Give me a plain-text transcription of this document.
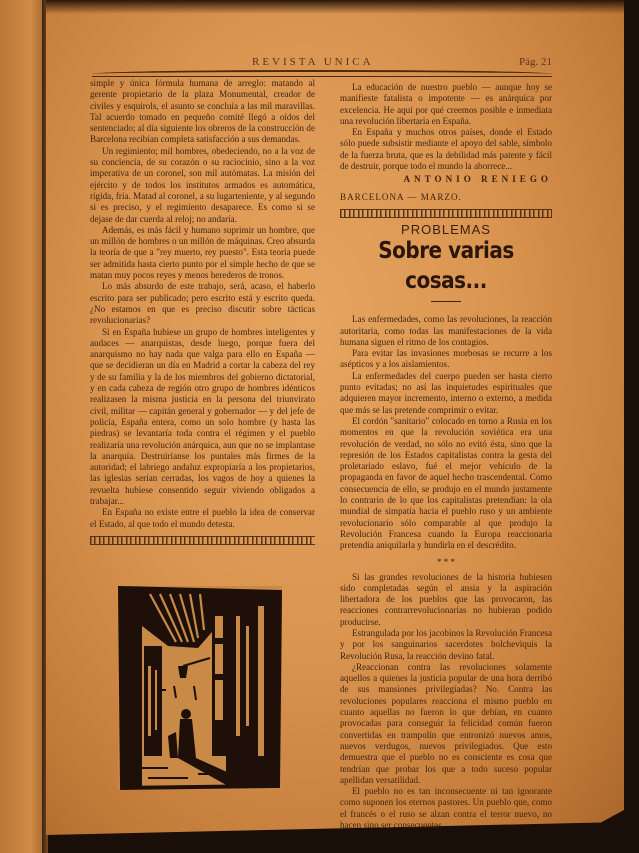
REVISTA UNICA	Pág. 21

simple y única fórmula humana de arreglo: matando al gerente propietario de la plaza Monumental, creador de civiles y esquirols, el asunto se concluía a las mil maravillas. Tal acuerdo tomado en pequeño comité llegó a oídos del sentenciado; al día siguiente los obreros de la construcción de Barcelona recibían completa satisfacción a sus demandas.

Un regimiento; mil hombres, obedeciendo, no a la voz de su conciencia, de su corazón o su raciocinio, sino a la voz imperativa de un coronel, son mil autómatas. La misión del ejército y de todos los institutos armados es automática, rígida, fría. Matad al coronel, a su lugarteniente, y al segundo si es preciso, y el regimiento desaparece. Es como si se dejase de dar cuerda al reloj; no andaría.

Además, es más fácil y humano suprimir un hombre, que un millón de hombres o un millón de máquinas. Creo absurda la teoría de que a "rey muerto, rey puesto". Esta teoría puede ser admitida hasta cierto punto por el simple hecho de que se matan muy pocos reyes y menos herederos de tronos.

Lo más absurdo de este trabajo, será, acaso, el haberlo escrito para ser publicado; pero escrito está y escrito queda. ¿No estamos en que es preciso discutir sobre tácticas revolucionarias?

Si en España hubiese un grupo de hombres inteligentes y audaces — anarquistas, desde luego, porque fuera del anarquismo no hay nada que valga para ello en España — que se decidieran un día en Madrid a cortar la cabeza del rey y de su familia y la de los miembros del gobierno dictatorial, y en cada cabeza de región otro grupo de hombres idénticos realizasen la misma justicia en la persona del triunvirato civil, militar — capitán general y gobernador — y del jefe de policía, España entera, como un solo hombre (y hasta las piedras) se levantaría toda contra el régimen y el pueblo realizaría una revolución anárquica, aun que no se implantase la anarquía. Destruiríanse los puntales más firmes de la autoridad; el labriego andaluz expropiaría a los propietarios, las iglesias serían cerradas, los vagos de hoy a quienes la revuelta hubiese consentido seguir viviendo obligados a trabajar...

En España no existe entre el pueblo la idea de conservar el Estado, al que todo el mundo detesta.

La educación de nuestro pueblo — aunque hoy se manifieste fatalista o impotente — es anárquica por excelencia. He aquí por qué creemos posible e inmediata una revolución libertaria en España.

En España y muchos otros países, donde el Estado sólo puede subsistir mediante el apoyo del sable, símbolo de la fuerza bruta, que es la debilidad más patente y fácil de destruir, porque todo el mundo la aborrece...

ANTONIO RENIEGO
BARCELONA — MARZO.
PROBLEMAS
Sobre varias cosas...

Las enfermedades, como las revoluciones, la reacción autoritaria, como todas las manifestaciones de la vida humana siguen el ritmo de los contagios.

Para evitar las invasiones morbosas se recurre a los asépticos y a los aislamientos.

La enfermedades del cuerpo pueden ser hasta cierto punto evitadas; no así las inquietudes espirituales que adquieren mayor incremento, interno o externo, a medida que más se las pretende comprimir o evitar.

El cordón "sanitario" colocado en torno a Rusia en los momentos en que la revolución soviética era una revolución de verdad, no sólo no evitó ésta, sino que la represión de los Estados capitalistas contra la gesta del proletariado eslavo, fué el mejor vehículo de la propaganda en favor de aquel hecho trascendental. Como consecuencia de ello, se produjo en el mundo justamente lo contrario de lo que los capitalistas pretendían: la ola mundial de simpatía hacia el pueblo ruso y un ambiente revolucionario sólo comparable al que produjo la Revolución Francesa cuando la Europa reaccionaria pretendía aniquilarla y hundirla en el descrédito.

* * *

Si las grandes revoluciones de la historia hubiesen sido completadas según el ansia y la aspiración libertadora de los pueblos que las provocaron, las reacciones contrarrevolucionarias no hubieran podido producirse.

Estrangulada por los jacobinos la Revolución Francesa y por los sanguinarios sacerdotes bolcheviquis la Revolución Rusa, la reacción devino fatal.

¿Reaccionan contra las revoluciones solamente aquellos a quienes la justicia popular de una hora derribó de sus mansiones privilegiadas? No. Contra las revoluciones populares reacciona el mismo pueblo en cuanto aquellas no fueron lo que debían, en cuanto provocadas para conseguir la felicidad común fueron convertidas en trampolín que entronizó nuevos amos, nuevos verdugos, nuevos privilegiados. Que esto demuestra que el pueblo no es consciente es cosa que tendrían que probar los que a todo suceso popular apellidan versatilidad.

El pueblo no es tan inconsecuente ni tan ignorante como suponen los eternos pastores. Un pueblo que, como el francés o el ruso se alzan contra el terror nuevo, no hacen sino ser consecuentes
